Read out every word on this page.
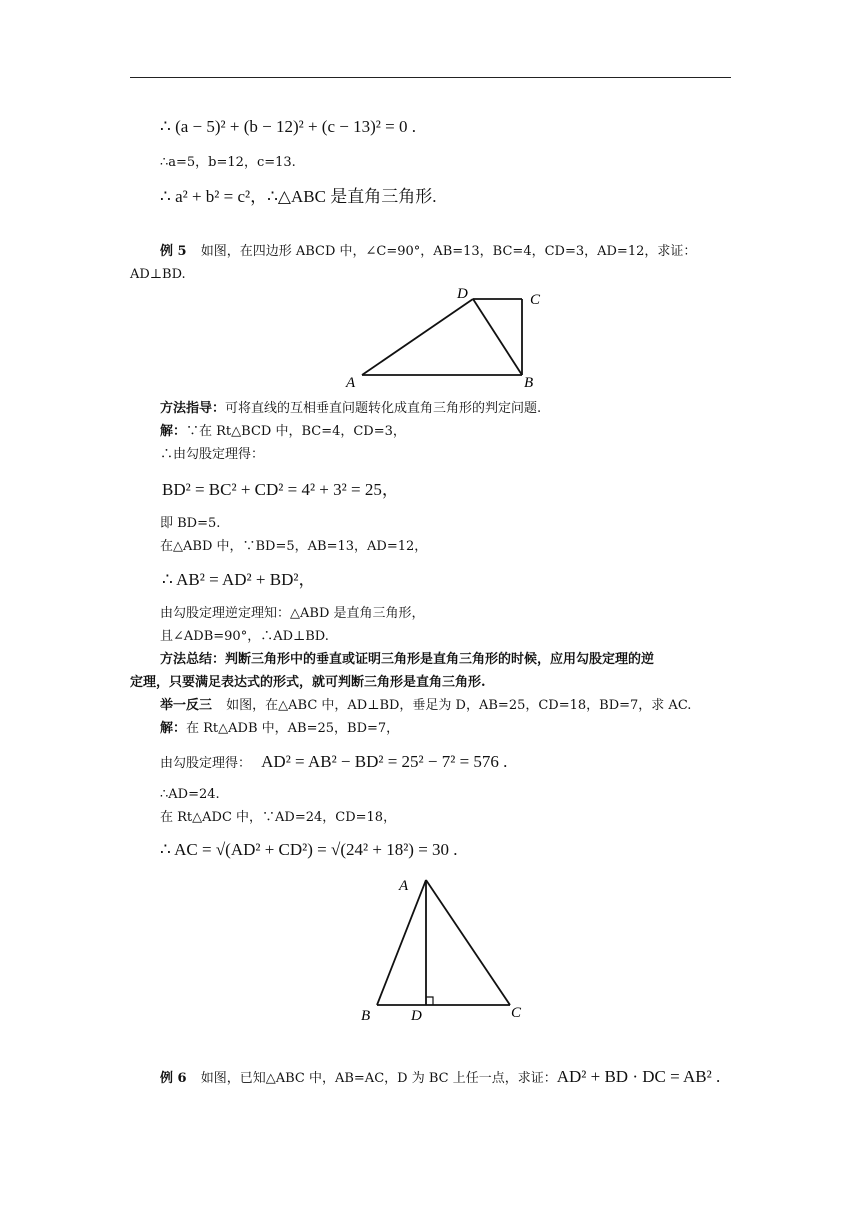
∴ (a − 5)² + (b − 12)² + (c − 13)² = 0 .
∴a=5，b=12，c=13.
∴ a² + b² = c²，∴△ABC 是直角三角形.
例 5 如图，在四边形 ABCD 中，∠C=90°，AB=13，BC=4，CD=3，AD=12，求证：
AD⊥BD.
D	C
A	B
方法指导：可将直线的互相垂直问题转化成直角三角形的判定问题.
解：∵在 Rt△BCD 中，BC=4，CD=3，
∴由勾股定理得：
BD² = BC² + CD² = 4² + 3² = 25，
即 BD=5.
在△ABD 中，∵BD=5，AB=13，AD=12，
∴ AB² = AD² + BD²，
由勾股定理逆定理知：△ABD 是直角三角形，
且∠ADB=90°，∴AD⊥BD.
方法总结：判断三角形中的垂直或证明三角形是直角三角形的时候，应用勾股定理的逆
定理，只要满足表达式的形式，就可判断三角形是直角三角形.
举一反三 如图，在△ABC 中，AD⊥BD，垂足为 D，AB=25，CD=18，BD=7，求 AC.
解：在 Rt△ADB 中，AB=25，BD=7，
由勾股定理得： AD² = AB² − BD² = 25² − 7² = 576 .
∴AD=24.
在 Rt△ADC 中，∵AD=24，CD=18，
∴ AC = √(AD² + CD²) = √(24² + 18²) = 30 .
A
B	D	C
例 6 如图，已知△ABC 中，AB=AC，D 为 BC 上任一点，求证：AD² + BD · DC = AB² .
